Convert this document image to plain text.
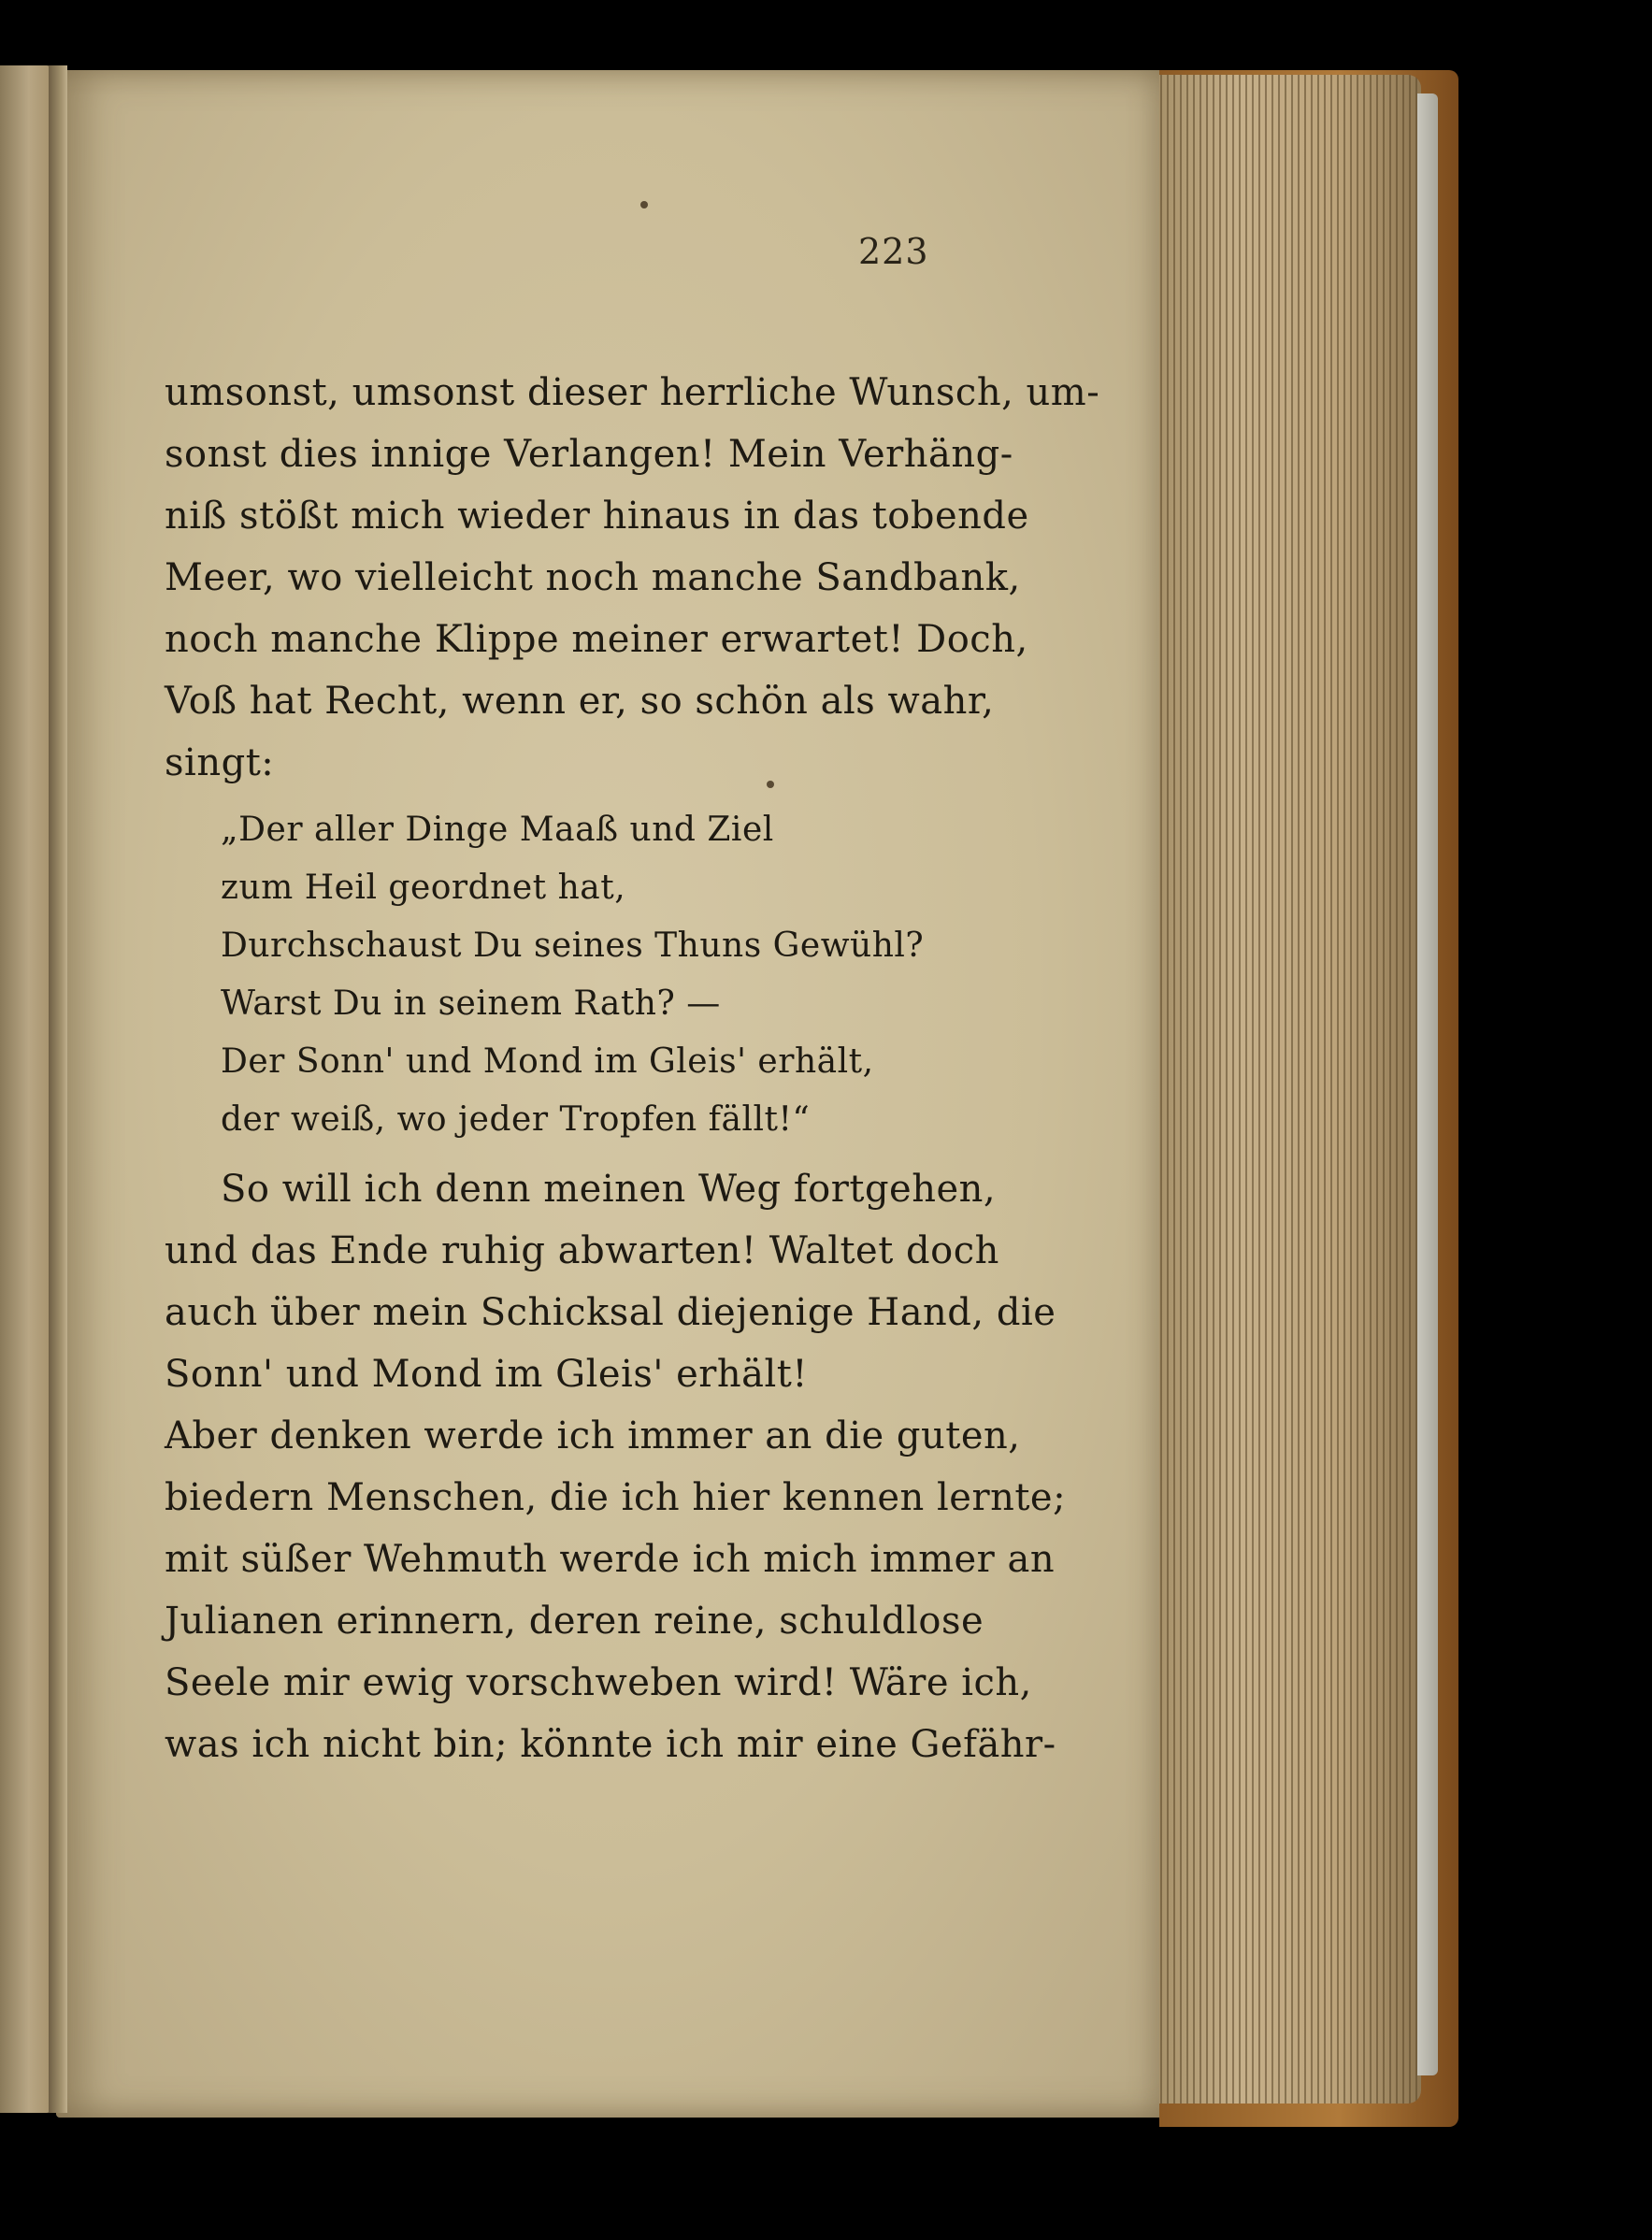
223
umsonst, umsonst dieser herrliche Wunsch, um-
sonst dies innige Verlangen! Mein Verhäng-
niß stößt mich wieder hinaus in das tobende
Meer, wo vielleicht noch manche Sandbank,
noch manche Klippe meiner erwartet! Doch,
Voß hat Recht, wenn er, so schön als wahr,
singt:
„Der aller Dinge Maaß und Ziel
zum Heil geordnet hat,
Durchschaust Du seines Thuns Gewühl?
Warst Du in seinem Rath? —
Der Sonn' und Mond im Gleis' erhält,
der weiß, wo jeder Tropfen fällt!“
So will ich denn meinen Weg fortgehen,
und das Ende ruhig abwarten! Waltet doch
auch über mein Schicksal diejenige Hand, die
Sonn' und Mond im Gleis' erhält!
Aber denken werde ich immer an die guten,
biedern Menschen, die ich hier kennen lernte;
mit süßer Wehmuth werde ich mich immer an
Julianen erinnern, deren reine, schuldlose
Seele mir ewig vorschweben wird! Wäre ich,
was ich nicht bin; könnte ich mir eine Gefähr-
